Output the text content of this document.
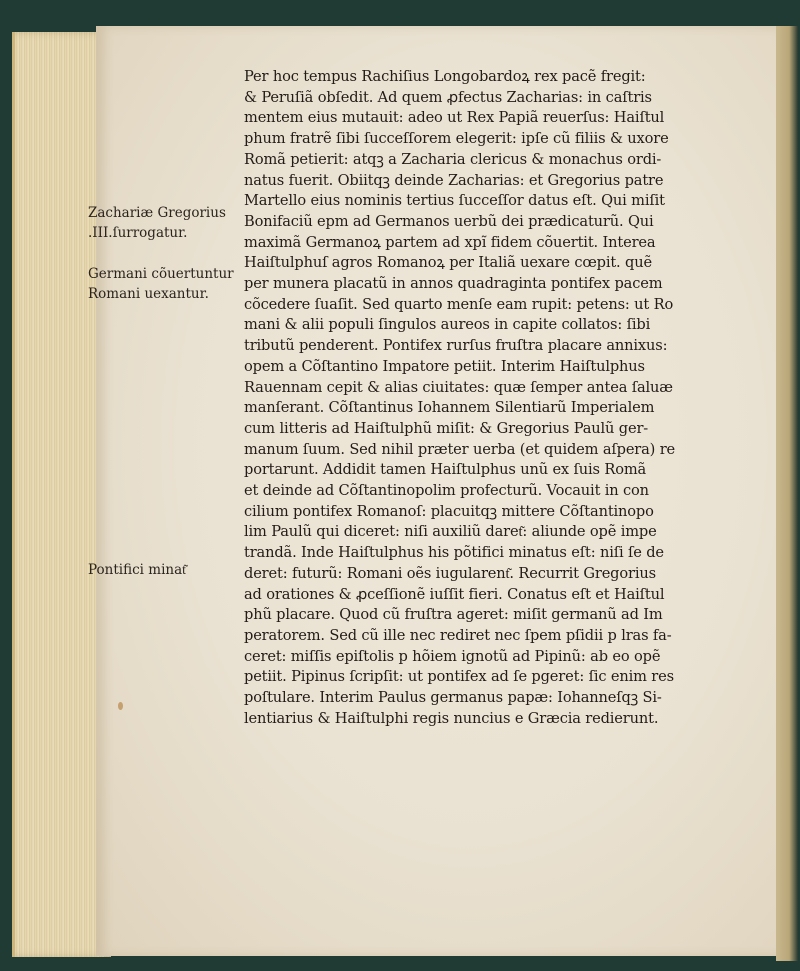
Zachariæ Gregorius
.III.ſurrogatur.
Germani cõuertuntur
Romani uexantur.
Pontifici minat͂

Per hoc tempus Rachiſius Longobardoꝝ rex pacẽ fregit:
& Peruſiã obſedit. Ad quem ꝓfectus Zacharias: in caſtris
mentem eius mutauit: adeo ut Rex Papiã reuerſus: Haiſtul
phum fratrẽ ſibi ſucceſſorem elegerit: ipſe cũ filiis & uxore
Romã petierit: atqꝫ a Zacharia clericus & monachus ordi-
natus fuerit. Obiitqꝫ deinde Zacharias: et Gregorius patre
Martello eius nominis tertius ſucceſſor datus eſt. Qui miſit
Bonifaciũ epm ad Germanos uerbũ dei prædicaturũ. Qui
maximã Germanoꝝ partem ad xpĩ fidem cõuertit. Interea
Haiſtulphuſ agros Romanoꝝ per Italiã uexare cœpit. quẽ
per munera placatũ in annos quadraginta pontifex pacem
cõcedere ſuaſit. Sed quarto menſe eam rupit: petens: ut Ro
mani & alii populi ſingulos aureos in capite collatos: ſibi
tributũ penderent. Pontifex rurſus fruſtra placare annixus:
opem a Cõſtantino Impatore petiit. Interim Haiſtulphus
Rauennam cepit & alias ciuitates: quæ ſemper antea ſaluæ
manſerant. Cõſtantinus Iohannem Silentiarũ Imperialem
cum litteris ad Haiſtulphũ miſit: & Gregorius Paulũ ger-
manum ſuum. Sed nihil præter uerba (et quidem aſpera) re
portarunt. Addidit tamen Haiſtulphus unũ ex ſuis Romã
et deinde ad Cõſtantinopolim profecturũ. Vocauit in con
cilium pontifex Romanoſ: placuitqꝫ mittere Cõſtantinopo
lim Paulũ qui diceret: niſi auxiliũ daret͂: aliunde opẽ impe
trandã. Inde Haiſtulphus his põtifici minatus eſt: niſi ſe de
deret: futurũ: Romani oẽs iugularent͂. Recurrit Gregorius
ad orationes & ꝓceſſionẽ iuſſit fieri. Conatus eſt et Haiſtul
phũ placare. Quod cũ fruſtra ageret: miſit germanũ ad Im
peratorem. Sed cũ ille nec rediret nec ſpem pſidii p lras fa-
ceret: miſſis epiſtolis p hõiem ignotũ ad Pipinũ: ab eo opẽ
petiit. Pipinus ſcripſit: ut pontifex ad ſe pgeret: ſic enim res
poſtulare. Interim Paulus germanus papæ: Iohanneſqꝫ Si-
lentiarius & Haiſtulphi regis nuncius e Græcia redierunt.
